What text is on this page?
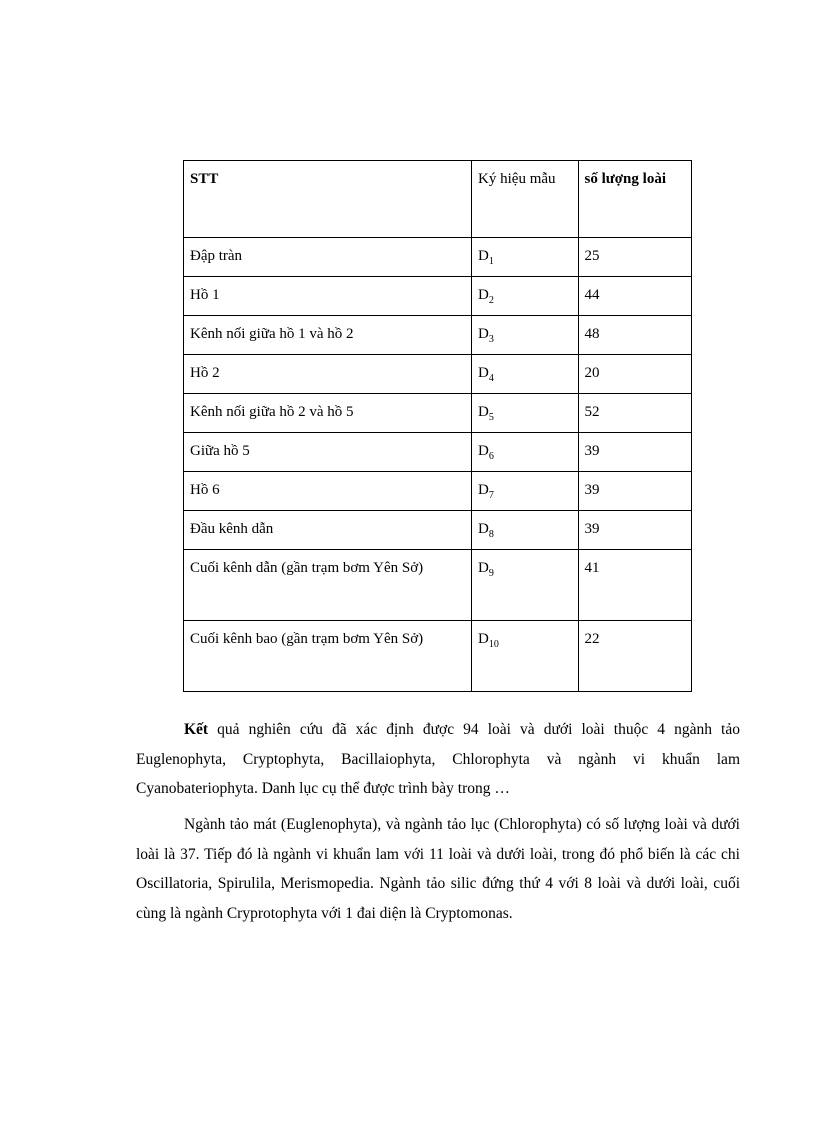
STT	Ký hiệu mẫu	số lượng loài
Đập tràn	$D_1$	25
Hồ 1	$D_2$	44
Kênh nối giữa hồ 1 và hồ 2	$D_3$	48
Hồ 2	$D_4$	20
Kênh nối giữa hồ 2 và hồ 5	$D_5$	52
Giữa hồ 5	$D_6$	39
Hồ 6	$D_7$	39
Đầu kênh dẫn	$D_8$	39
Cuối kênh dẫn (gần trạm bơm Yên Sở)	$D_9$	41
Cuối kênh bao (gần trạm bơm Yên Sở)	$D_{10}$	22

Kết quả nghiên cứu đã xác định được 94 loài và dưới loài thuộc 4 ngành tảo Euglenophyta, Cryptophyta, Bacillaiophyta, Chlorophyta và ngành vi khuẩn lam Cyanobateriophyta. Danh lục cụ thể được trình bày trong …

Ngành tảo mát (Euglenophyta), và ngành tảo lục (Chlorophyta) có số lượng loài và dưới loài là 37. Tiếp đó là ngành vi khuẩn lam với 11 loài và dưới loài, trong đó phổ biến là các chi Oscillatoria, Spirulila, Merismopedia. Ngành tảo silic đứng thứ 4 với 8 loài và dưới loài, cuối cùng là ngành Cryprotophyta với 1 đai diện là Cryptomonas.
